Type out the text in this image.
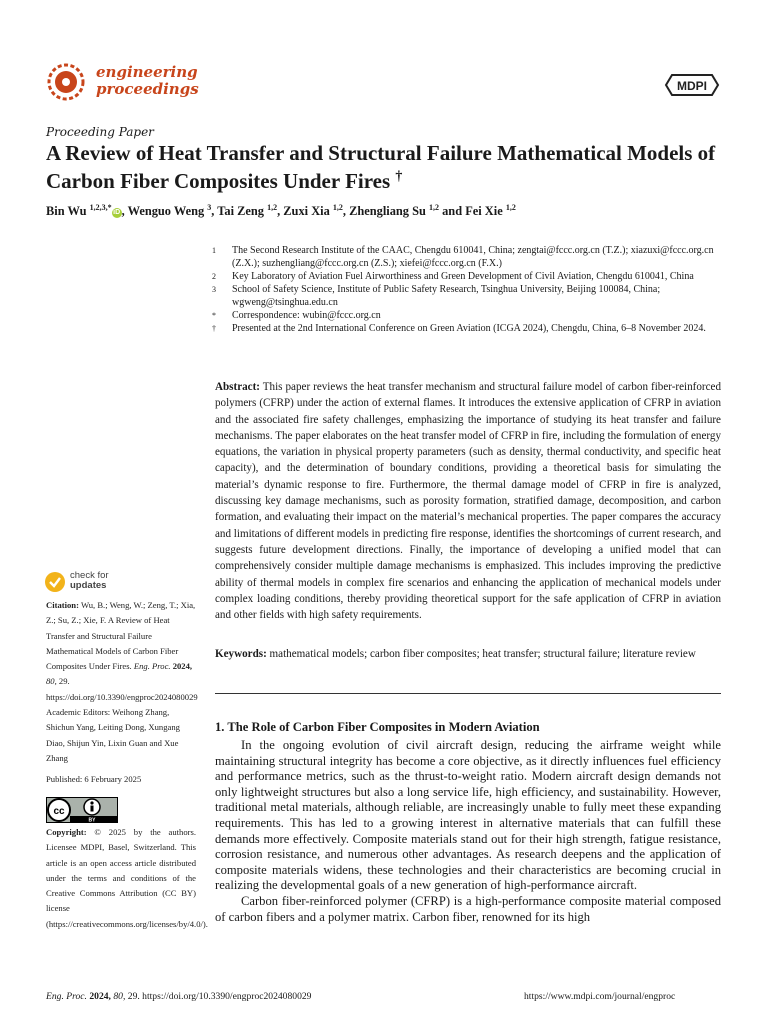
engineering
proceedings	MDPI
Proceeding Paper
A Review of Heat Transfer and Structural Failure Mathematical Models of Carbon Fiber Composites Under Fires †
Bin Wu $^{1,2,3,*}$iD , Wenguo Weng $^3$, Tai Zeng $^{1,2}$, Zuxi Xia $^{1,2}$, Zhengliang Su $^{1,2}$ and Fei Xie $^{1,2}$
1	The Second Research Institute of the CAAC, Chengdu 610041, China; zengtai@fccc.org.cn (T.Z.); xiazuxi@fccc.org.cn (Z.X.); suzhengliang@fccc.org.cn (Z.S.); xiefei@fccc.org.cn (F.X.)
2	Key Laboratory of Aviation Fuel Airworthiness and Green Development of Civil Aviation, Chengdu 610041, China
3	School of Safety Science, Institute of Public Safety Research, Tsinghua University, Beijing 100084, China; wgweng@tsinghua.edu.cn
*	Correspondence: wubin@fccc.org.cn
†	Presented at the 2nd International Conference on Green Aviation (ICGA 2024), Chengdu, China, 6–8 November 2024.
Abstract: This paper reviews the heat transfer mechanism and structural failure model of carbon fiber-reinforced polymers (CFRP) under the action of external flames. It introduces the extensive application of CFRP in aviation and the associated fire safety challenges, emphasizing the importance of studying its heat transfer and failure mechanisms. The paper elaborates on the heat transfer model of CFRP in fire, including the formulation of energy equations, the variation in physical property parameters (such as density, thermal conductivity, and specific heat capacity), and the determination of boundary conditions, providing a theoretical basis for simulating the material’s dynamic response to fire. Furthermore, the thermal damage model of CFRP in fire is analyzed, discussing key damage mechanisms, such as porosity formation, stratified damage, decomposition, and carbon formation, and evaluating their impact on the material’s mechanical properties. The paper compares the accuracy and limitations of different models in predicting fire response, identifies the shortcomings of current research, and suggests future development directions. Finally, the importance of developing a unified model that can comprehensively consider multiple damage mechanisms is emphasized. This includes improving the predictive ability of thermal models in complex fire scenarios and enhancing the application of mechanical models under complex loading conditions, thereby providing theoretical support for the safe application of CFRP in aviation and other fields with high safety requirements.
Keywords: mathematical models; carbon fiber composites; heat transfer; structural failure; literature review
1. The Role of Carbon Fiber Composites in Modern Aviation

In the ongoing evolution of civil aircraft design, reducing the airframe weight while maintaining structural integrity has become a core objective, as it directly influences fuel efficiency and performance metrics, such as the thrust-to-weight ratio. Modern aircraft design demands not only lightweight structures but also a long service life, high efficiency, and sustainability. However, traditional metal materials, although reliable, are increasingly unable to fully meet these expanding requirements. This has led to a growing interest in alternative materials that can fulfill these demands more effectively. Composite materials stand out for their high strength, fatigue resistance, corrosion resistance, and numerous other advantages. As research deepens and the application of composite materials widens, these technologies and their characteristics are becoming crucial in realizing the developmental goals of a new generation of high-performance aircraft.

Carbon fiber-reinforced polymer (CFRP) is a high-performance composite material composed of carbon fibers and a polymer matrix. Carbon fiber, renowned for its high

check for
updates
Citation: Wu, B.; Weng, W.; Zeng, T.; Xia, Z.; Su, Z.; Xie, F. A Review of Heat Transfer and Structural Failure Mathematical Models of Carbon Fiber Composites Under Fires. Eng. Proc. 2024, 80, 29. https://doi.org/10.3390/engproc2024080029
Academic Editors: Weihong Zhang, Shichun Yang, Leiting Dong, Xungang Diao, Shijun Yin, Lixin Guan and Xue Zhang
Published: 6 February 2025
cc
BY
Copyright: © 2025 by the authors. Licensee MDPI, Basel, Switzerland. This article is an open access article distributed under the terms and conditions of the Creative Commons Attribution (CC BY) license (https://creativecommons.org/licenses/by/4.0/).
Eng. Proc. 2024, 80, 29. https://doi.org/10.3390/engproc2024080029	https://www.mdpi.com/journal/engproc
